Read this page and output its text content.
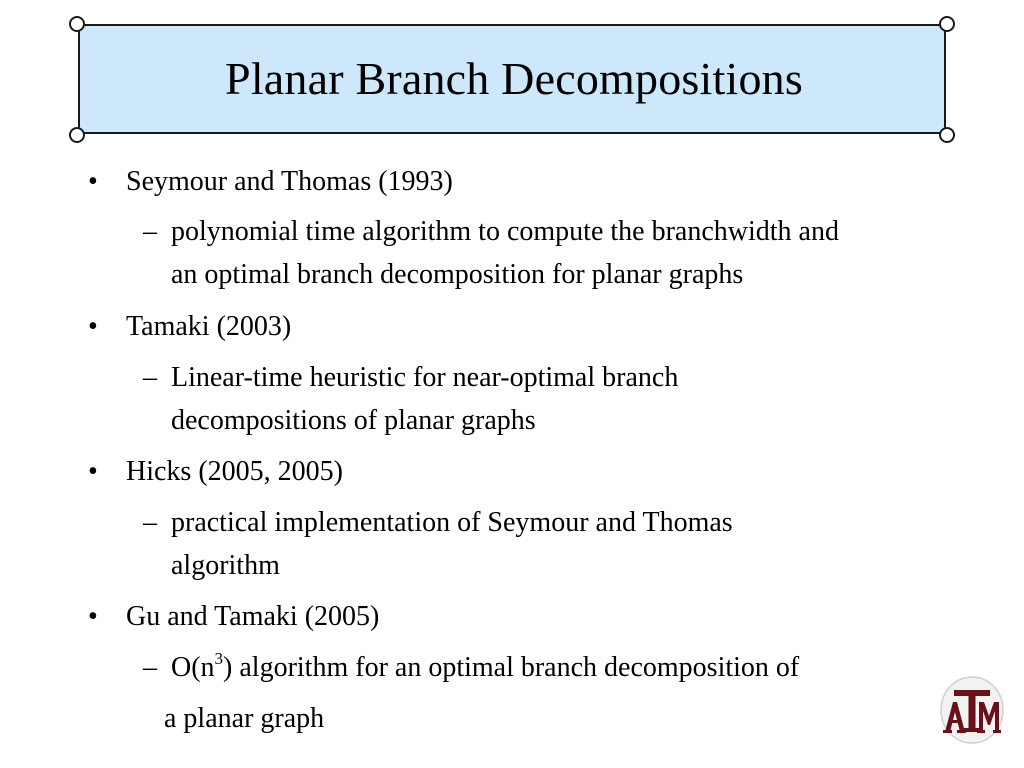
Planar Branch Decompositions
• Seymour and Thomas (1993)
– polynomial time algorithm to compute the branchwidth and
an optimal branch decomposition for planar graphs
• Tamaki (2003)
– Linear-time heuristic for near-optimal branch
decompositions of planar graphs
• Hicks (2005, 2005)
– practical implementation of Seymour and Thomas
algorithm
• Gu and Tamaki (2005)
– $O(n^3)$ algorithm for an optimal branch decomposition of
a planar graph
